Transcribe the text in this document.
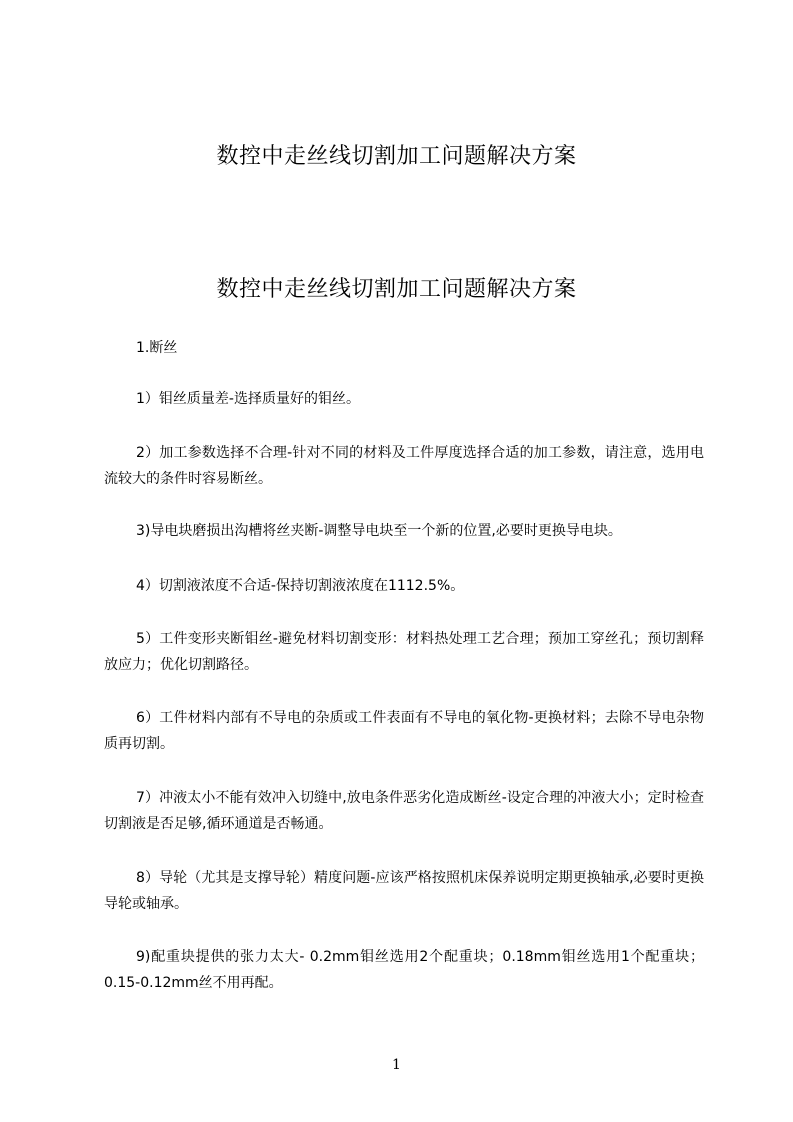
数控中走丝线切割加工问题解决方案
数控中走丝线切割加工问题解决方案

1.断丝

1）钼丝质量差-选择质量好的钼丝。

2）加工参数选择不合理-针对不同的材料及工件厚度选择合适的加工参数，请注意，选用电流较大的条件时容易断丝。

3)导电块磨损出沟槽将丝夹断-调整导电块至一个新的位置,必要时更换导电块。

4）切割液浓度不合适-保持切割液浓度在1112.5%。

5）工件变形夹断钼丝-避免材料切割变形：材料热处理工艺合理；预加工穿丝孔；预切割释放应力；优化切割路径。

6）工件材料内部有不导电的杂质或工件表面有不导电的氧化物-更换材料；去除不导电杂物质再切割。

7）冲液太小不能有效冲入切缝中,放电条件恶劣化造成断丝-设定合理的冲液大小；定时检查切割液是否足够,循环通道是否畅通。

8）导轮（尤其是支撑导轮）精度问题-应该严格按照机床保养说明定期更换轴承,必要时更换导轮或轴承。

9)配重块提供的张力太大- 0.2mm钼丝选用2个配重块；0.18mm钼丝选用1个配重块；0.15-0.12mm丝不用再配。

1
